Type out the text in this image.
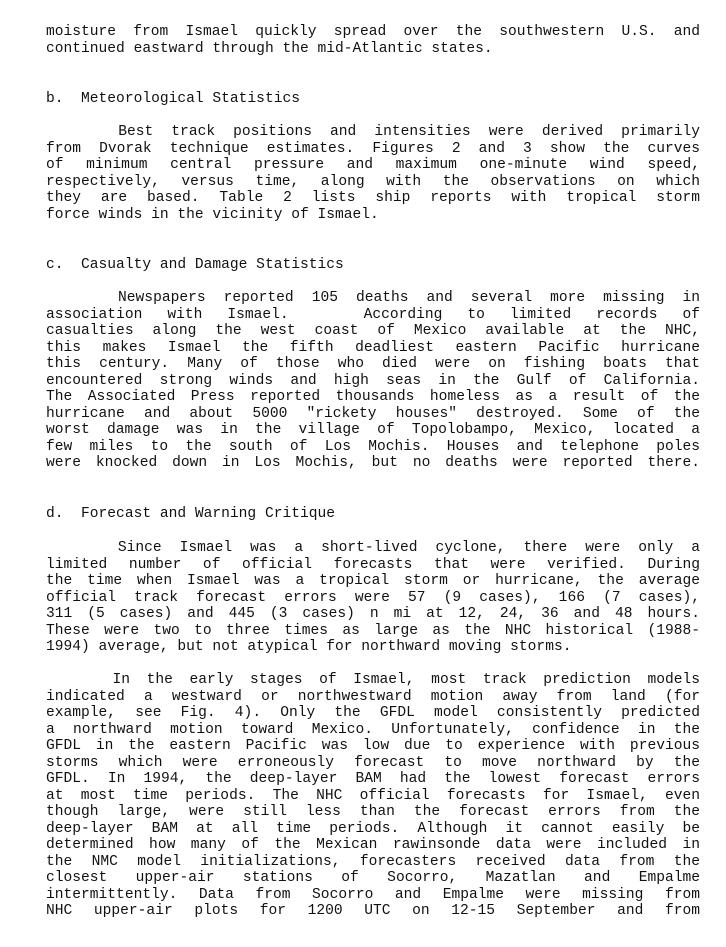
moisture from Ismael quickly spread over the southwestern U.S. and
continued eastward through the mid-Atlantic states.
b.  Meteorological Statistics
Best track positions and intensities were derived primarily
from Dvorak technique estimates. Figures 2 and 3 show the curves
of minimum central pressure and maximum one-minute wind speed,
respectively, versus time, along with the observations on which
they are based. Table 2 lists ship reports with tropical storm
force winds in the vicinity of Ismael.
c.  Casualty and Damage Statistics
Newspapers reported 105 deaths and several more missing in
association with Ismael.   According to limited records of
casualties along the west coast of Mexico available at the NHC,
this makes Ismael the fifth deadliest eastern Pacific hurricane
this century. Many of those who died were on fishing boats that
encountered strong winds and high seas in the Gulf of California.
The Associated Press reported thousands homeless as a result of the
hurricane and about 5000 "rickety houses" destroyed. Some of the
worst damage was in the village of Topolobampo, Mexico, located a
few miles to the south of Los Mochis. Houses and telephone poles
were knocked down in Los Mochis, but no deaths were reported there.
d.  Forecast and Warning Critique
Since Ismael was a short-lived cyclone, there were only a
limited number of official forecasts that were verified. During
the time when Ismael was a tropical storm or hurricane, the average
official track forecast errors were 57 (9 cases), 166 (7 cases),
311 (5 cases) and 445 (3 cases) n mi at 12, 24, 36 and 48 hours.
These were two to three times as large as the NHC historical (1988-
1994) average, but not atypical for northward moving storms.
In the early stages of Ismael, most track prediction models
indicated a westward or northwestward motion away from land (for
example, see Fig. 4). Only the GFDL model consistently predicted
a northward motion toward Mexico. Unfortunately, confidence in the
GFDL in the eastern Pacific was low due to experience with previous
storms which were erroneously forecast to move northward by the
GFDL. In 1994, the deep-layer BAM had the lowest forecast errors
at most time periods. The NHC official forecasts for Ismael, even
though large, were still less than the forecast errors from the
deep-layer BAM at all time periods. Although it cannot easily be
determined how many of the Mexican rawinsonde data were included in
the NMC model initializations, forecasters received data from the
closest upper-air stations of Socorro, Mazatlan and Empalme
intermittently. Data from Socorro and Empalme were missing from
NHC upper-air plots for 1200 UTC on 12-15 September and from
